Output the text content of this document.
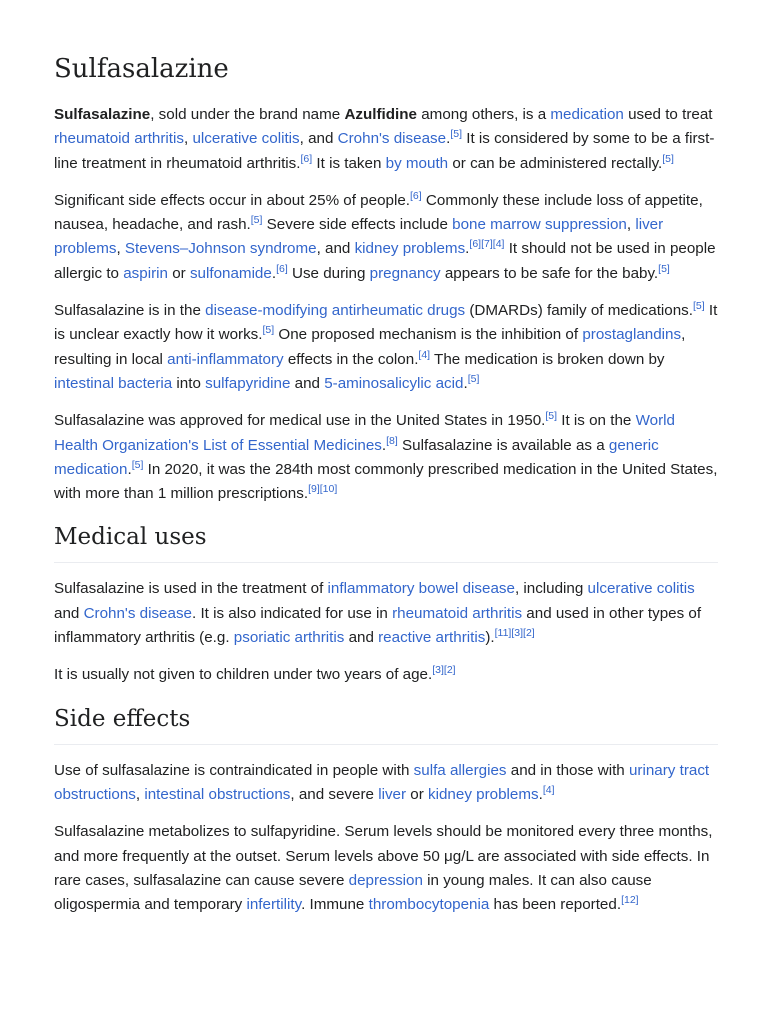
Sulfasalazine

Sulfasalazine, sold under the brand name Azulfidine among others, is a medication used to treat rheumatoid arthritis, ulcerative colitis, and Crohn's disease.[5] It is considered by some to be a first-line treatment in rheumatoid arthritis.[6] It is taken by mouth or can be administered rectally.[5]

Significant side effects occur in about 25% of people.[6] Commonly these include loss of appetite, nausea, headache, and rash.[5] Severe side effects include bone marrow suppression, liver problems, Stevens–Johnson syndrome, and kidney problems.[6][7][4] It should not be used in people allergic to aspirin or sulfonamide.[6] Use during pregnancy appears to be safe for the baby.[5]

Sulfasalazine is in the disease-modifying antirheumatic drugs (DMARDs) family of medications.[5] It is unclear exactly how it works.[5] One proposed mechanism is the inhibition of prostaglandins, resulting in local anti-inflammatory effects in the colon.[4] The medication is broken down by intestinal bacteria into sulfapyridine and 5-aminosalicylic acid.[5]

Sulfasalazine was approved for medical use in the United States in 1950.[5] It is on the World Health Organization's List of Essential Medicines.[8] Sulfasalazine is available as a generic medication.[5] In 2020, it was the 284th most commonly prescribed medication in the United States, with more than 1 million prescriptions.[9][10]

Medical uses

Sulfasalazine is used in the treatment of inflammatory bowel disease, including ulcerative colitis and Crohn's disease. It is also indicated for use in rheumatoid arthritis and used in other types of inflammatory arthritis (e.g. psoriatic arthritis and reactive arthritis).[11][3][2]

It is usually not given to children under two years of age.[3][2]

Side effects

Use of sulfasalazine is contraindicated in people with sulfa allergies and in those with urinary tract obstructions, intestinal obstructions, and severe liver or kidney problems.[4]

Sulfasalazine metabolizes to sulfapyridine. Serum levels should be monitored every three months, and more frequently at the outset. Serum levels above 50 μg/L are associated with side effects. In rare cases, sulfasalazine can cause severe depression in young males. It can also cause oligospermia and temporary infertility. Immune thrombocytopenia has been reported.[12]
